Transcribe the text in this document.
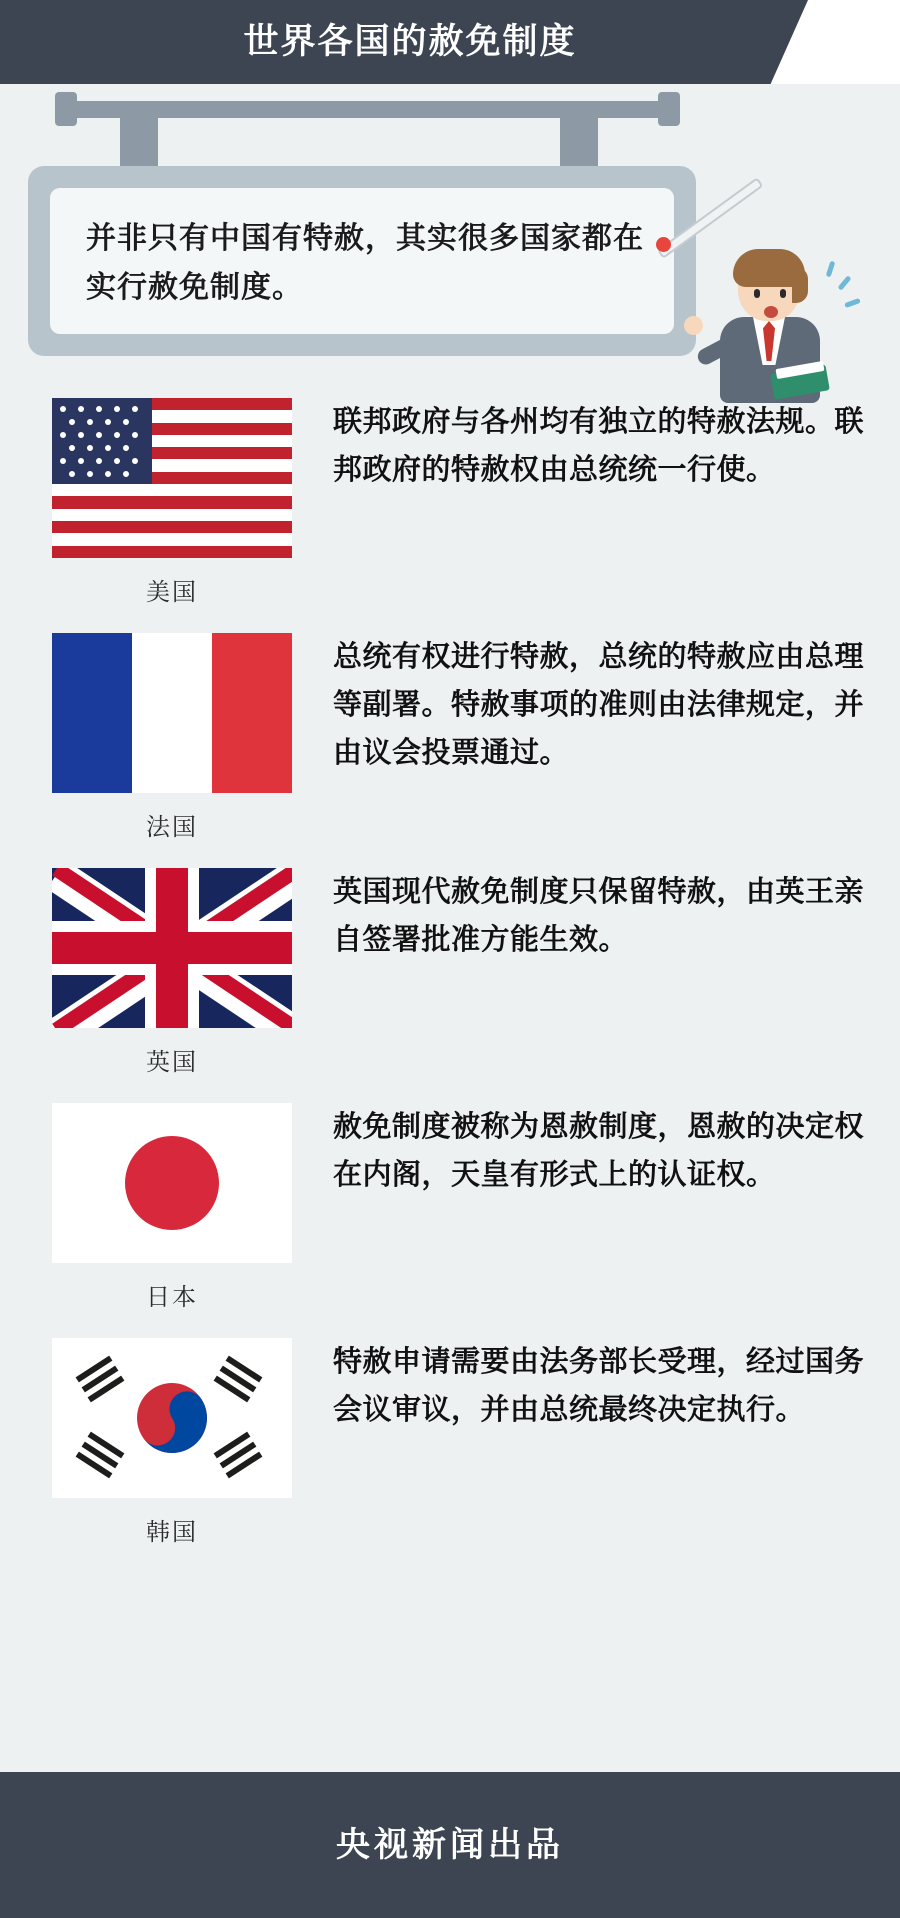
世界各国的赦免制度
并非只有中国有特赦，其实很多国家都在实行赦免制度。
美国
联邦政府与各州均有独立的特赦法规。联邦政府的特赦权由总统统一行使。
法国
总统有权进行特赦，总统的特赦应由总理等副署。特赦事项的准则由法律规定，并由议会投票通过。
英国
英国现代赦免制度只保留特赦，由英王亲自签署批准方能生效。
日本
赦免制度被称为恩赦制度，恩赦的决定权在内阁，天皇有形式上的认证权。
韩国
特赦申请需要由法务部长受理，经过国务会议审议，并由总统最终决定执行。
央视新闻出品
